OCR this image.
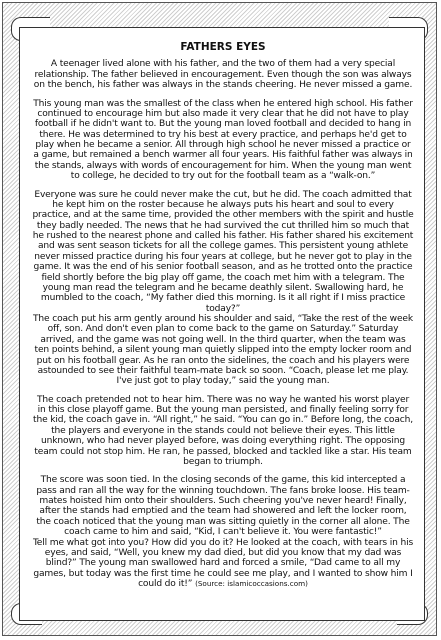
FATHERS EYES

A teenager lived alone with his father, and the two of them had a very special relationship. The father believed in encouragement. Even though the son was always on the bench, his father was always in the stands cheering. He never missed a game.

This young man was the smallest of the class when he entered high school. His father continued to encourage him but also made it very clear that he did not have to play football if he didn't want to. But the young man loved football and decided to hang in there. He was determined to try his best at every practice, and perhaps he'd get to play when he became a senior. All through high school he never missed a practice or a game, but remained a bench warmer all four years. His faithful father was always in the stands, always with words of encouragement for him. When the young man went to college, he decided to try out for the football team as a “walk-on.”

Everyone was sure he could never make the cut, but he did. The coach admitted that he kept him on the roster because he always puts his heart and soul to every practice, and at the same time, provided the other members with the spirit and hustle they badly needed. The news that he had survived the cut thrilled him so much that he rushed to the nearest phone and called his father. His father shared his excitement and was sent season tickets for all the college games. This persistent young athlete never missed practice during his four years at college, but he never got to play in the game. It was the end of his senior football season, and as he trotted onto the practice field shortly before the big play off game, the coach met him with a telegram. The young man read the telegram and he became deathly silent. Swallowing hard, he mumbled to the coach, “My father died this morning. Is it all right if I miss practice today?”

The coach put his arm gently around his shoulder and said, “Take the rest of the week off, son. And don't even plan to come back to the game on Saturday.” Saturday arrived, and the game was not going well. In the third quarter, when the team was ten points behind, a silent young man quietly slipped into the empty locker room and put on his football gear. As he ran onto the sidelines, the coach and his players were astounded to see their faithful team-mate back so soon. “Coach, please let me play. I've just got to play today,” said the young man.

The coach pretended not to hear him. There was no way he wanted his worst player in this close playoff game. But the young man persisted, and finally feeling sorry for the kid, the coach gave in. “All right,” he said. “You can go in.” Before long, the coach, the players and everyone in the stands could not believe their eyes. This little unknown, who had never played before, was doing everything right. The opposing team could not stop him. He ran, he passed, blocked and tackled like a star. His team began to triumph.

The score was soon tied. In the closing seconds of the game, this kid intercepted a pass and ran all the way for the winning touchdown. The fans broke loose. His team-mates hoisted him onto their shoulders. Such cheering you've never heard! Finally, after the stands had emptied and the team had showered and left the locker room, the coach noticed that the young man was sitting quietly in the corner all alone. The coach came to him and said, “Kid, I can't believe it. You were fantastic!”

Tell me what got into you? How did you do it? He looked at the coach, with tears in his eyes, and said, “Well, you knew my dad died, but did you know that my dad was blind?” The young man swallowed hard and forced a smile, “Dad came to all my games, but today was the first time he could see me play, and I wanted to show him I could do it!” (Source: islamicoccasions.com)
